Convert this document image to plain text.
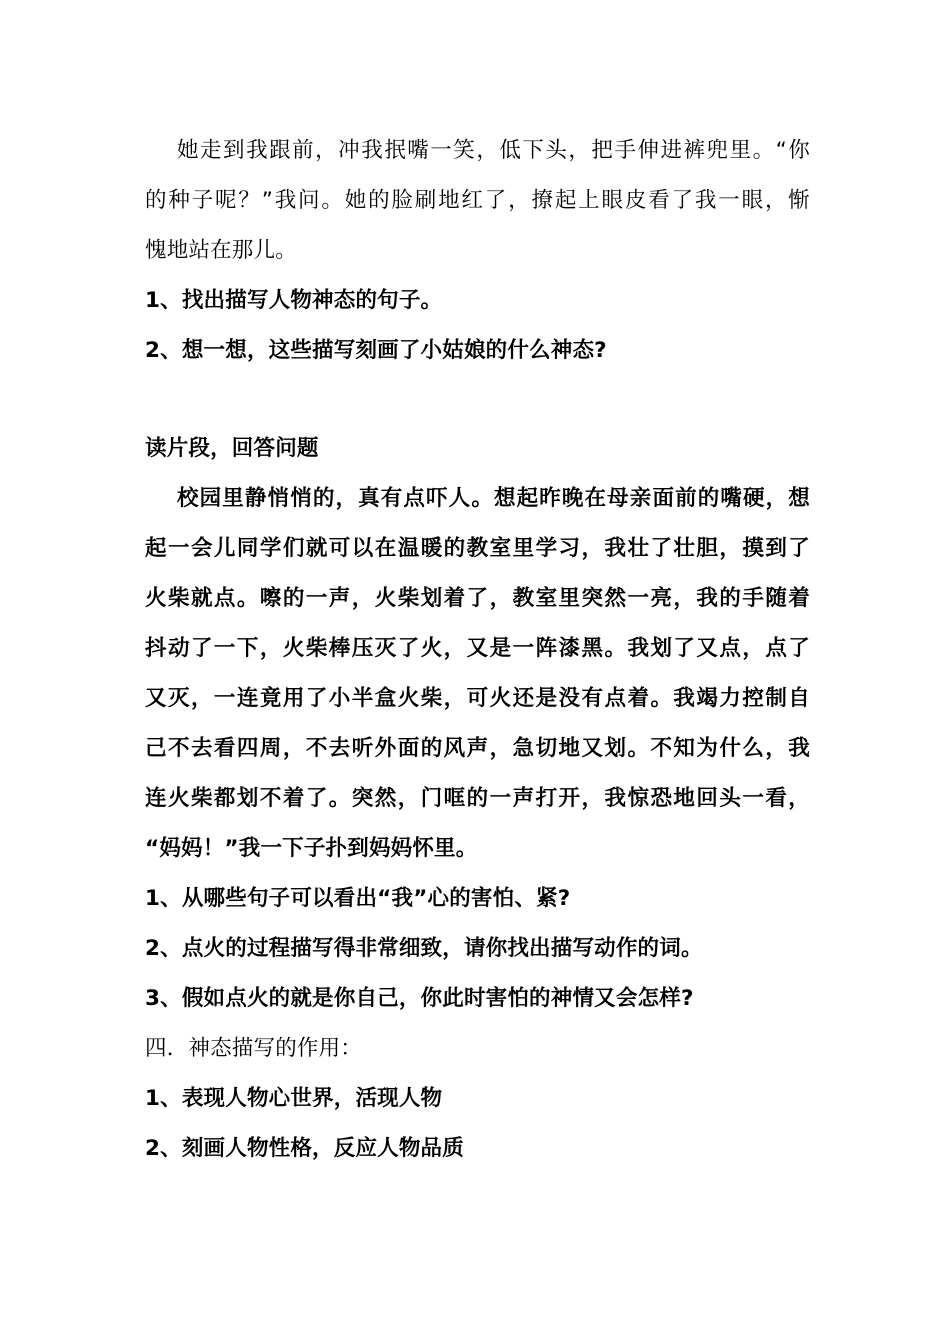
她走到我跟前，冲我抿嘴一笑，低下头，把手伸进裤兜里。“你
的种子呢？”我问。她的脸刷地红了，撩起上眼皮看了我一眼，惭
愧地站在那儿。
1、找出描写人物神态的句子。
2、想一想，这些描写刻画了小姑娘的什么神态?
读片段，回答问题
校园里静悄悄的，真有点吓人。想起昨晚在母亲面前的嘴硬，想
起一会儿同学们就可以在温暖的教室里学习，我壮了壮胆，摸到了
火柴就点。嚓的一声，火柴划着了，教室里突然一亮，我的手随着
抖动了一下，火柴棒压灭了火，又是一阵漆黑。我划了又点，点了
又灭，一连竟用了小半盒火柴，可火还是没有点着。我竭力控制自
己不去看四周，不去听外面的风声，急切地又划。不知为什么，我
连火柴都划不着了。突然，门哐的一声打开，我惊恐地回头一看，
“妈妈！”我一下子扑到妈妈怀里。
1、从哪些句子可以看出“我”心的害怕、紧?
2、点火的过程描写得非常细致，请你找出描写动作的词。
3、假如点火的就是你自己，你此时害怕的神情又会怎样?
四．神态描写的作用：
1、表现人物心世界，活现人物
2、刻画人物性格，反应人物品质
